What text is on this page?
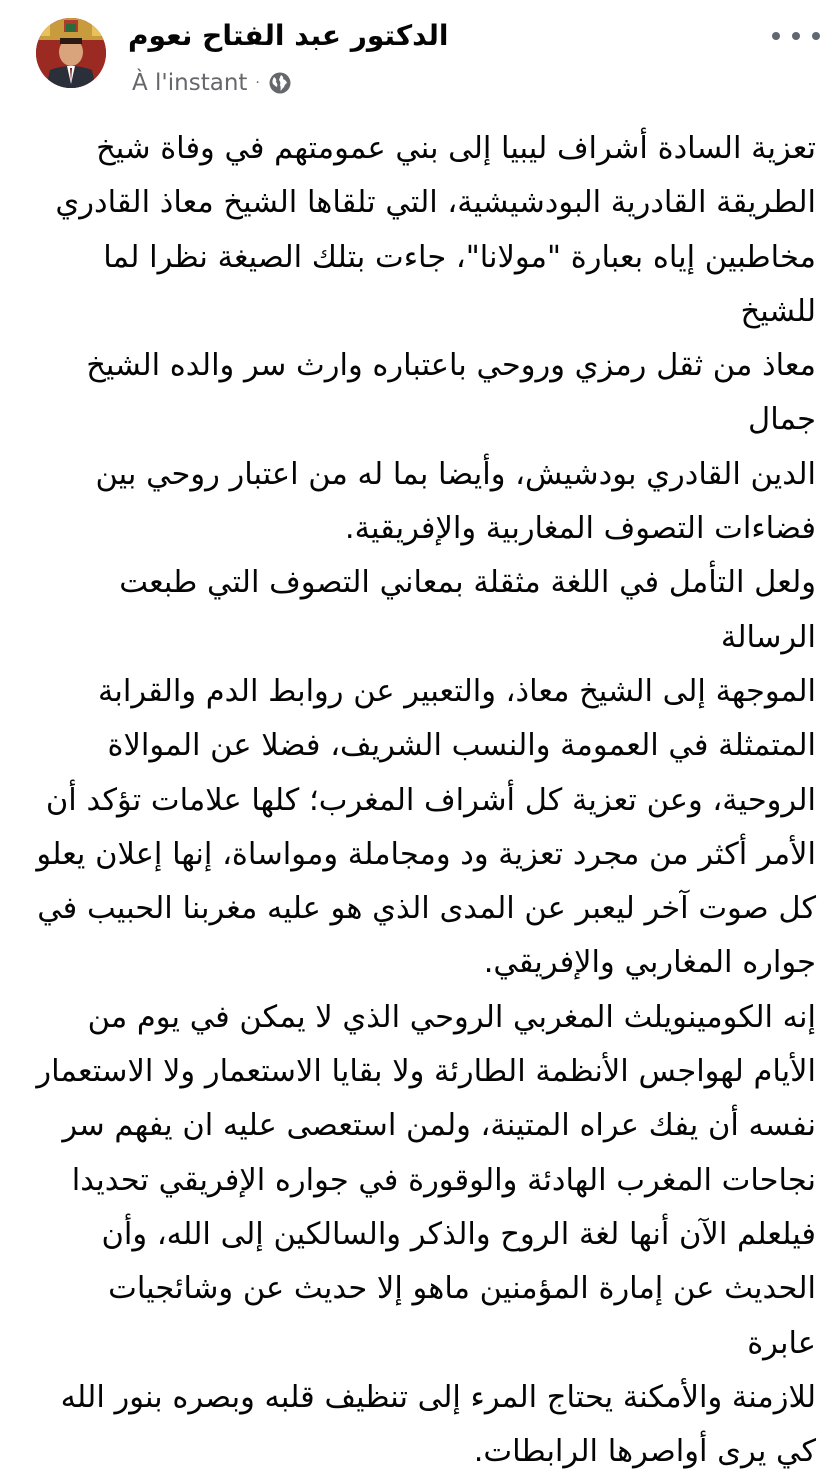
الدكتور عبد الفتاح نعوم
À l'instant ·

تعزية السادة أشراف ليبيا إلى بني عمومتهم في وفاة شيخ

الطريقة القادرية البودشيشية، التي تلقاها الشيخ معاذ القادري

مخاطبين إياه بعبارة "مولانا"، جاءت بتلك الصيغة نظرا لما للشيخ

معاذ من ثقل رمزي وروحي باعتباره وارث سر والده الشيخ جمال

الدين القادري بودشيش، وأيضا بما له من اعتبار روحي بين

فضاءات التصوف المغاربية والإفريقية.

ولعل التأمل في اللغة مثقلة بمعاني التصوف التي طبعت الرسالة

الموجهة إلى الشيخ معاذ، والتعبير عن روابط الدم والقرابة

المتمثلة في العمومة والنسب الشريف، فضلا عن الموالاة

الروحية، وعن تعزية كل أشراف المغرب؛ كلها علامات تؤكد أن

الأمر أكثر من مجرد تعزية ود ومجاملة ومواساة، إنها إعلان يعلو

كل صوت آخر ليعبر عن المدى الذي هو عليه مغربنا الحبيب في

جواره المغاربي والإفريقي.

إنه الكومينويلث المغربي الروحي الذي لا يمكن في يوم من

الأيام لهواجس الأنظمة الطارئة ولا بقايا الاستعمار ولا الاستعمار

نفسه أن يفك عراه المتينة، ولمن استعصى عليه ان يفهم سر

نجاحات المغرب الهادئة والوقورة في جواره الإفريقي تحديدا

فيلعلم الآن أنها لغة الروح والذكر والسالكين إلى الله، وأن

الحديث عن إمارة المؤمنين ماهو إلا حديث عن وشائجيات عابرة

للازمنة والأمكنة يحتاج المرء إلى تنظيف قلبه وبصره بنور الله

كي يرى أواصرها الرابطات.
